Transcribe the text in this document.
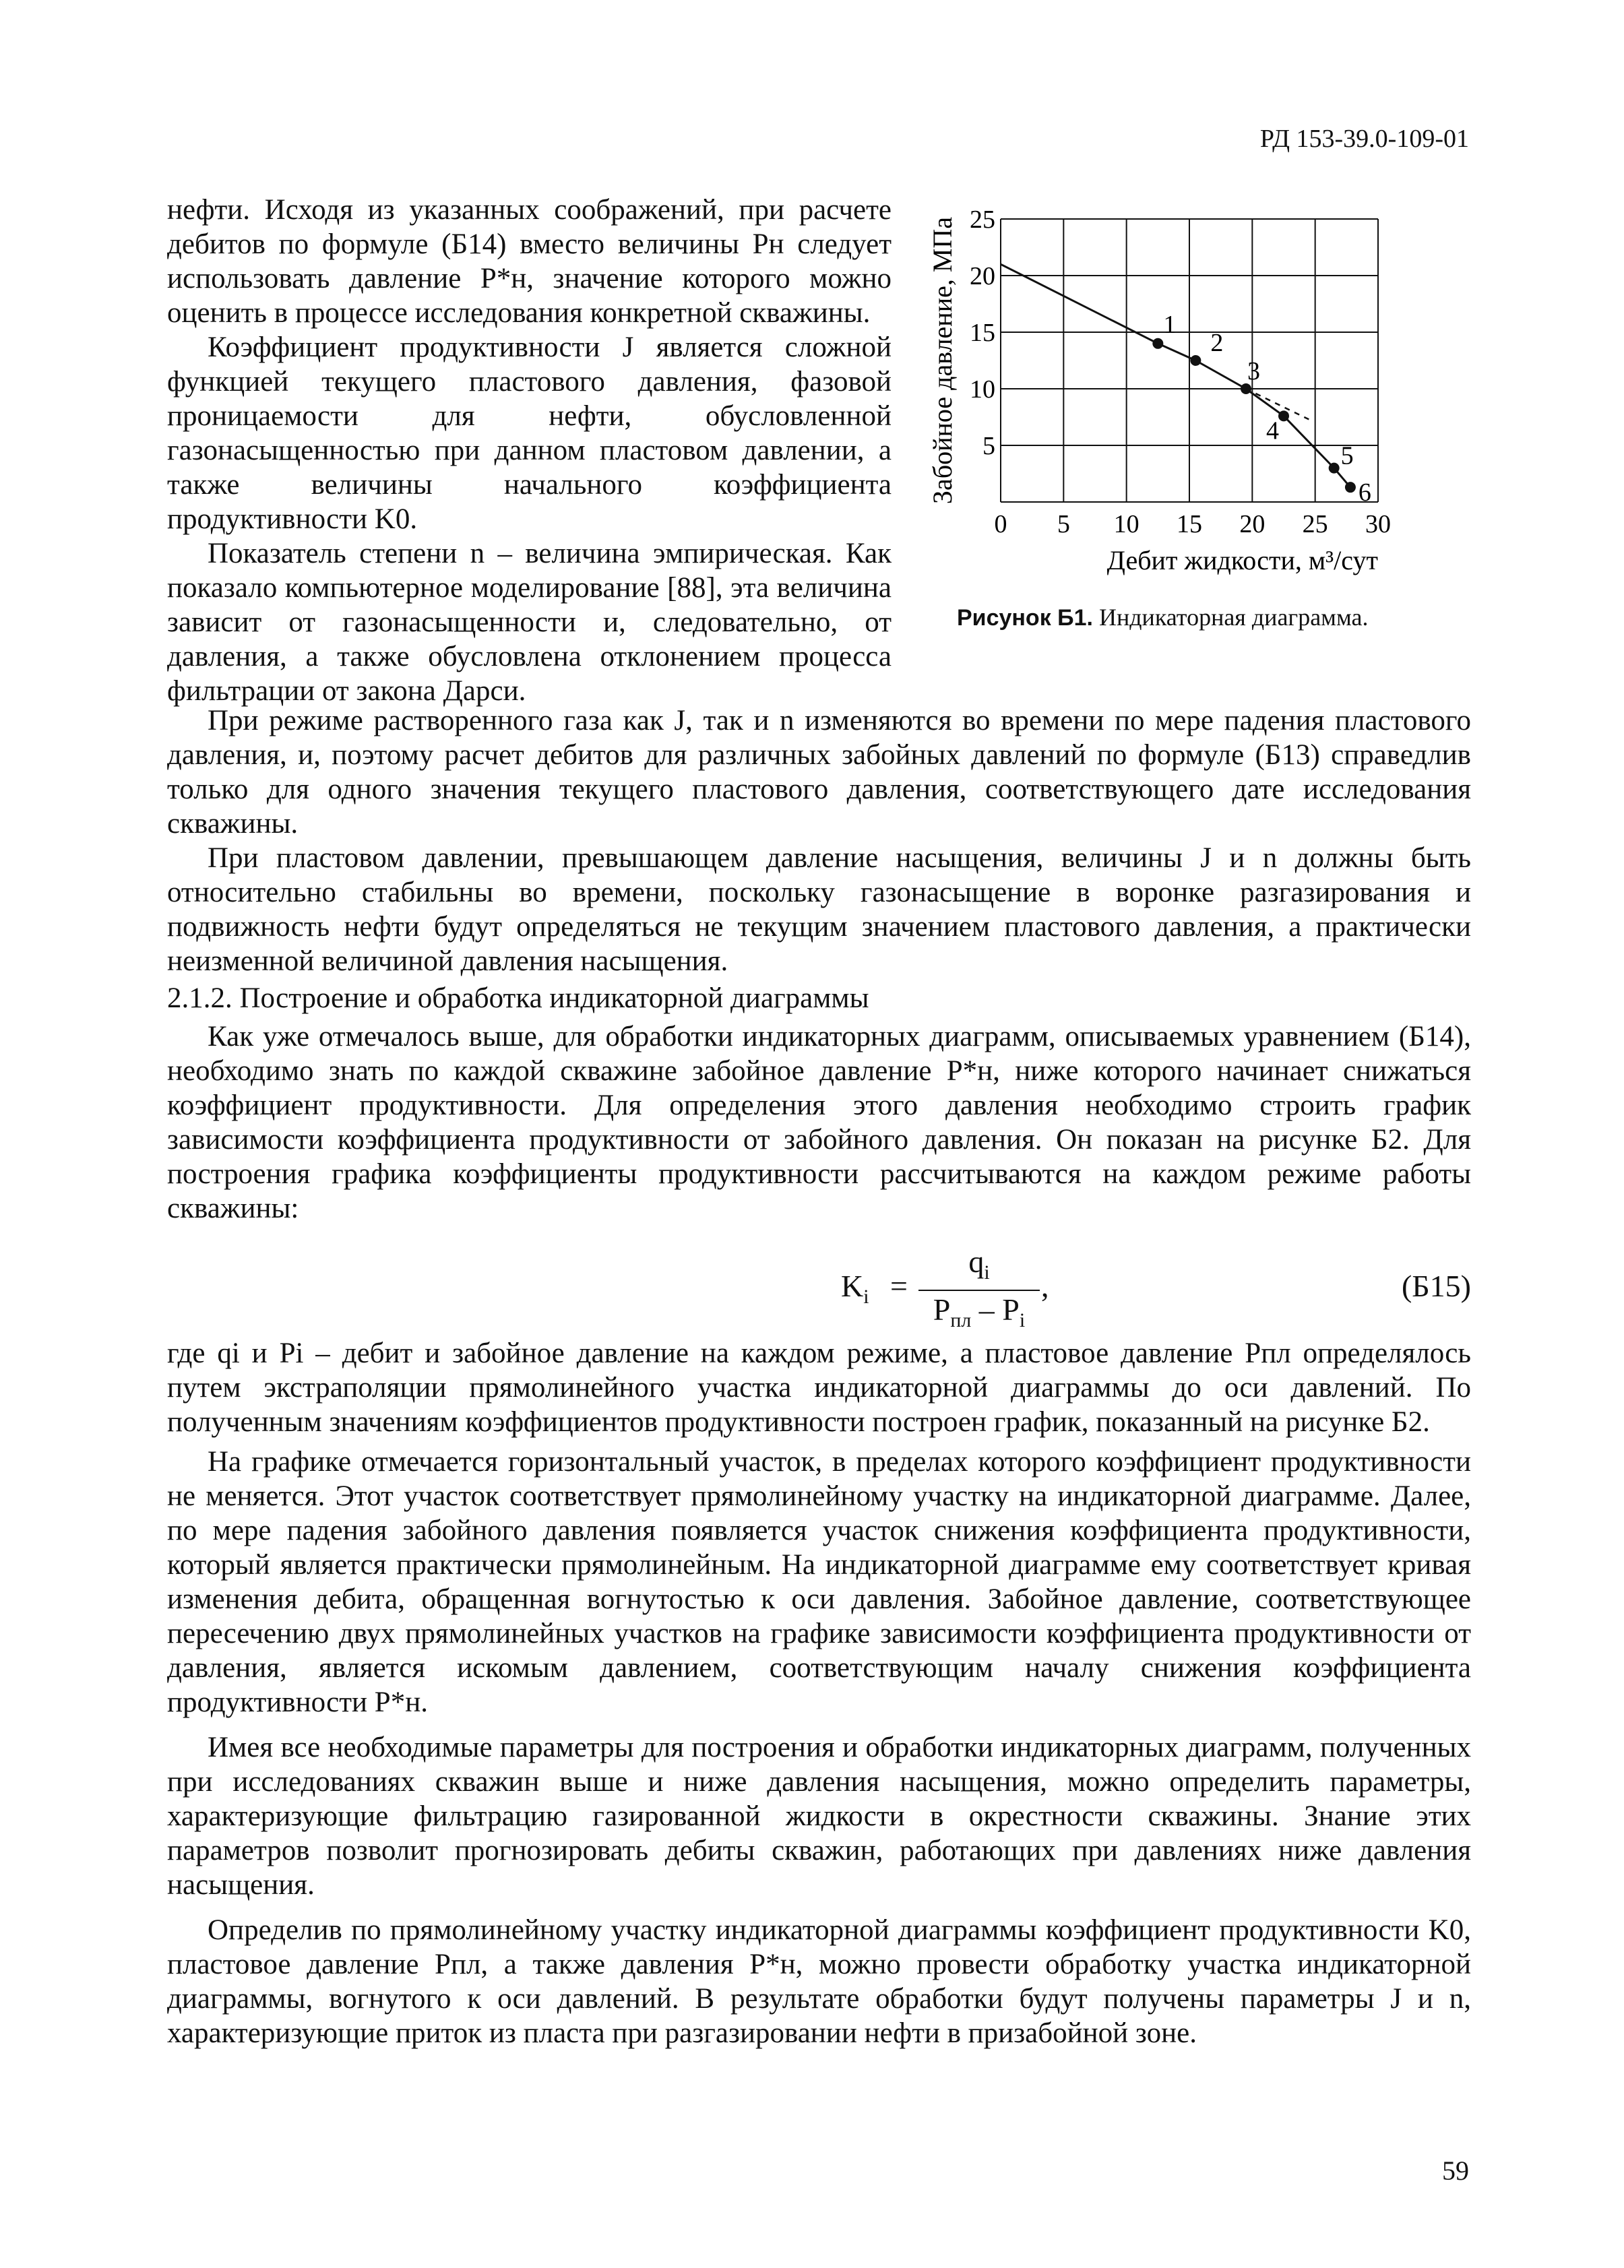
РД 153-39.0-109-01

нефти. Исходя из указанных соображений, при расчете дебитов по формуле (Б14) вместо величины Pн следует использовать давление P*н, значение которого можно оценить в процессе исследования конкретной скважины.

Коэффициент продуктивности J является сложной функцией текущего пластового давления, фазовой проницаемости для нефти, обусловленной газонасыщенностью при данном пластовом давлении, а также величины начального коэффициента продуктивности K0.

Показатель степени n – величина эмпирическая. Как показало компьютерное моделирование [88], эта величина зависит от газонасыщенности и, следовательно, от давления, а также обусловлена отклонением процесса фильтрации от закона Дарси.

0 5 10 15 20 25 30
5
10
15
20
25
Забойное давление, МПа
Дебит жидкости, м³/сут
1
2
3
4
5
6
Рисунок Б1. Индикаторная диаграмма.

При режиме растворенного газа как J, так и n изменяются во времени по мере падения пластового давления, и, поэтому расчет дебитов для различных забойных давлений по формуле (Б13) справедлив только для одного значения текущего пластового давления, соответствующего дате исследования скважины.

При пластовом давлении, превышающем давление насыщения, величины J и n должны быть относительно стабильны во времени, поскольку газонасыщение в воронке разгазирования и подвижность нефти будут определяться не текущим значением пластового давления, а практически неизменной величиной давления насыщения.

2.1.2. Построение и обработка индикаторной диаграммы

Как уже отмечалось выше, для обработки индикаторных диаграмм, описываемых уравнением (Б14), необходимо знать по каждой скважине забойное давление P*н, ниже которого начинает снижаться коэффициент продуктивности. Для определения этого давления необходимо строить график зависимости коэффициента продуктивности от забойного давления. Он показан на рисунке Б2. Для построения графика коэффициенты продуктивности рассчитываются на каждом режиме работы скважины:

$K_i$ =
$q_i$
$P_{пл} - P_i$
,	(Б15)

где qi и Pi – дебит и забойное давление на каждом режиме, а пластовое давление Pпл определялось путем экстраполяции прямолинейного участка индикаторной диаграммы до оси давлений. По полученным значениям коэффициентов продуктивности построен график, показанный на рисунке Б2.

На графике отмечается горизонтальный участок, в пределах которого коэффициент продуктивности не меняется. Этот участок соответствует прямолинейному участку на индикаторной диаграмме. Далее, по мере падения забойного давления появляется участок снижения коэффициента продуктивности, который является практически прямолинейным. На индикаторной диаграмме ему соответствует кривая изменения дебита, обращенная вогнутостью к оси давления. Забойное давление, соответствующее пересечению двух прямолинейных участков на графике зависимости коэффициента продуктивности от давления, является искомым давлением, соответствующим началу снижения коэффициента продуктивности P*н.

Имея все необходимые параметры для построения и обработки индикаторных диаграмм, полученных при исследованиях скважин выше и ниже давления насыщения, можно определить параметры, характеризующие фильтрацию газированной жидкости в окрестности скважины. Знание этих параметров позволит прогнозировать дебиты скважин, работающих при давлениях ниже давления насыщения.

Определив по прямолинейному участку индикаторной диаграммы коэффициент продуктивности K0, пластовое давление Pпл, а также давления P*н, можно провести обработку участка индикаторной диаграммы, вогнутого к оси давлений. В результате обработки будут получены параметры J и n, характеризующие приток из пласта при разгазировании нефти в призабойной зоне.

59
